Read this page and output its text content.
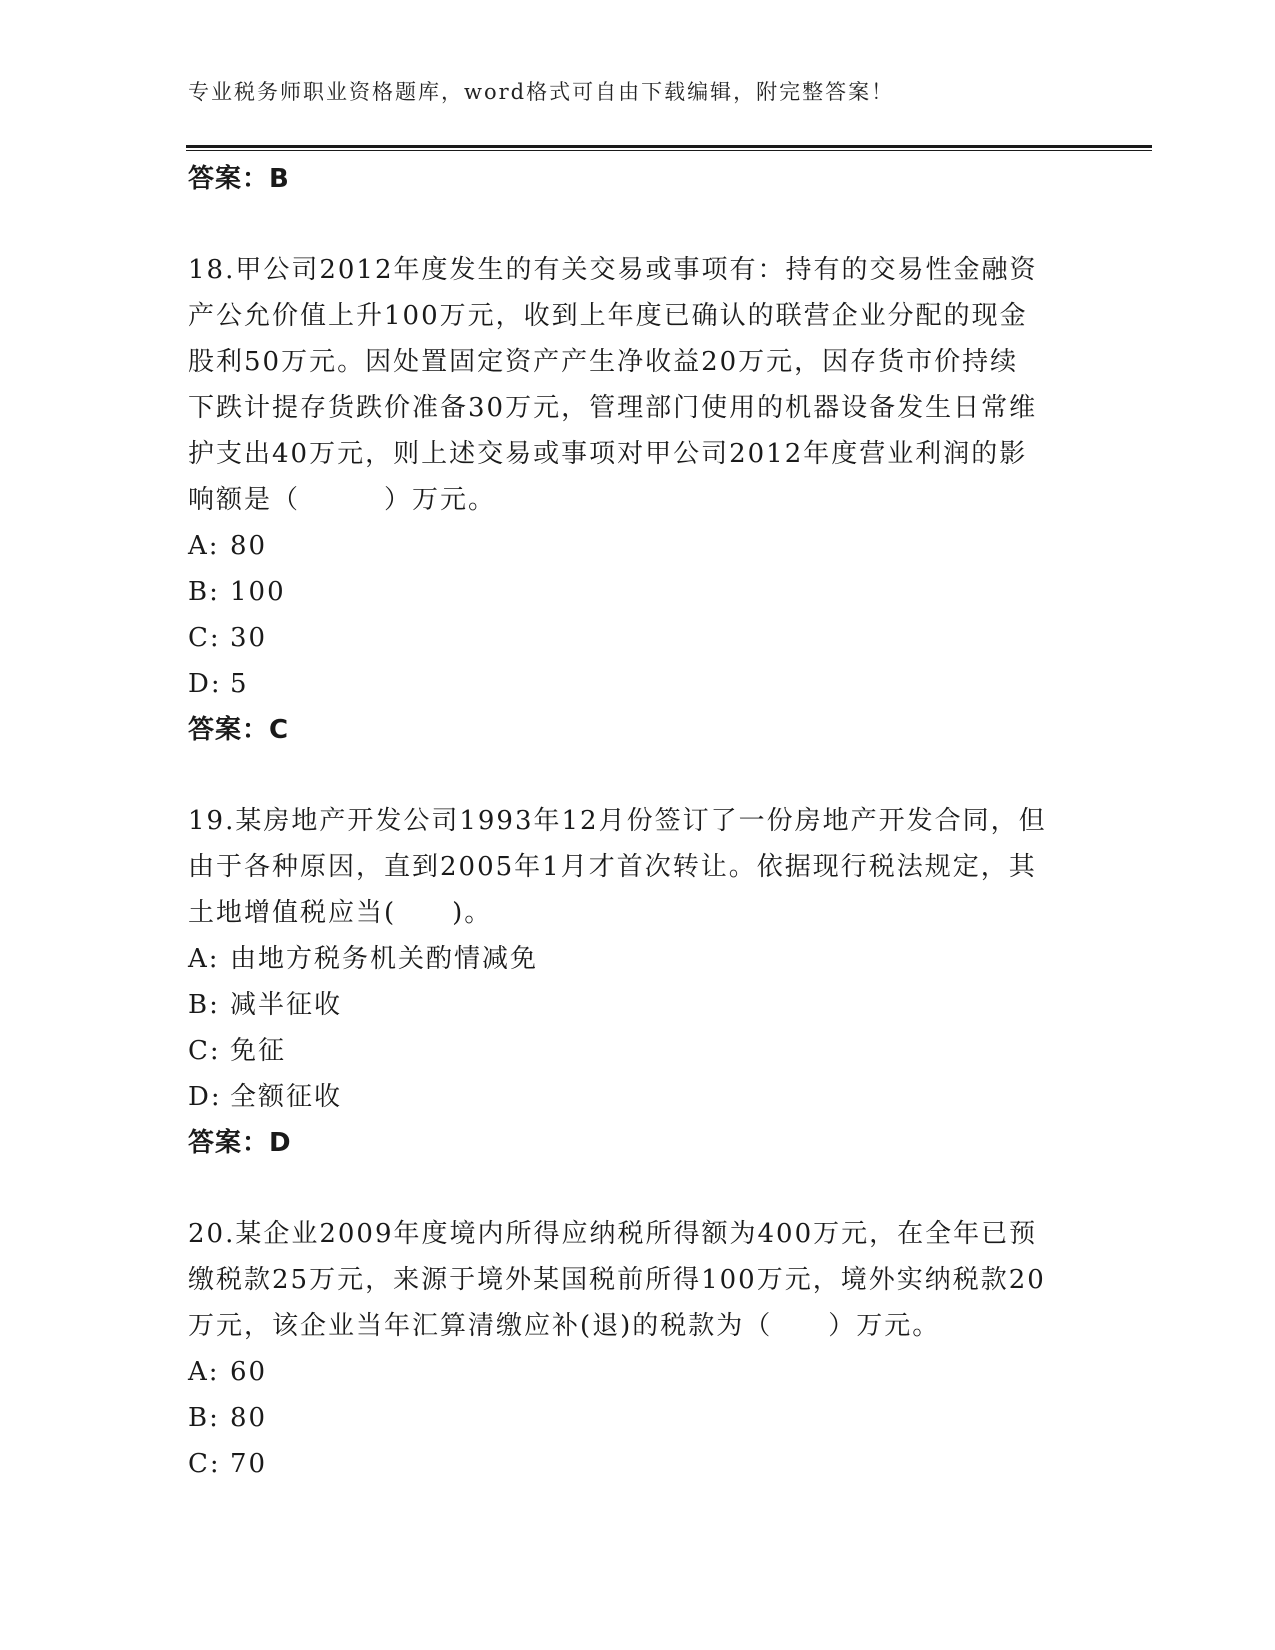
专业税务师职业资格题库，word格式可自由下载编辑，附完整答案！
答案：B
18.甲公司2012年度发生的有关交易或事项有：持有的交易性金融资
产公允价值上升100万元，收到上年度已确认的联营企业分配的现金
股利50万元。因处置固定资产产生净收益20万元，因存货市价持续
下跌计提存货跌价准备30万元，管理部门使用的机器设备发生日常维
护支出40万元，则上述交易或事项对甲公司2012年度营业利润的影
响额是（　　　）万元。
A: 80
B: 100
C: 30
D: 5
答案：C
19.某房地产开发公司1993年12月份签订了一份房地产开发合同，但
由于各种原因，直到2005年1月才首次转让。依据现行税法规定，其
土地增值税应当(　　)。
A: 由地方税务机关酌情减免
B: 减半征收
C: 免征
D: 全额征收
答案：D
20.某企业2009年度境内所得应纳税所得额为400万元，在全年已预
缴税款25万元，来源于境外某国税前所得100万元，境外实纳税款20
万元，该企业当年汇算清缴应补(退)的税款为（　　）万元。
A: 60
B: 80
C: 70
